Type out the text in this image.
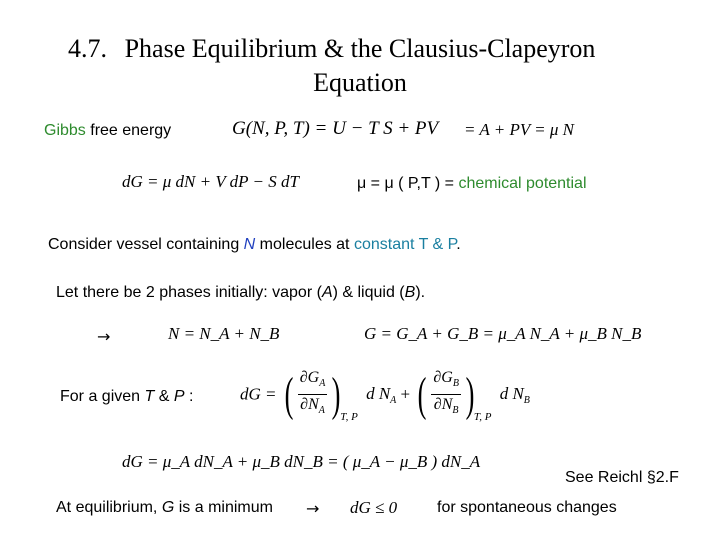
4.7. Phase Equilibrium & the Clausius-Clapeyron
Equation
Gibbs free energy	G(N, P, T) = U − T S + PV = A + PV = μ N
dG = μ dN + V dP − S dT	μ = μ ( P,T ) = chemical potential
Consider vessel containing N molecules at constant T & P.
Let there be 2 phases initially: vapor (A) & liquid (B).
→	N = N_A + N_B	G = G_A + G_B = μ_A N_A + μ_B N_B
For a given T & P :	dG = ( $\frac{\partial G_A}{\partial N_A} )_{T, P}$ d $N_A$ + ( $\frac{\partial G_B}{\partial N_B} )_{T, P}$ d $N_B$
dG = μ_A dN_A + μ_B dN_B = ( μ_A − μ_B ) dN_A
See Reichl §2.F
At equilibrium, G is a minimum → dG ≤ 0 for spontaneous changes
